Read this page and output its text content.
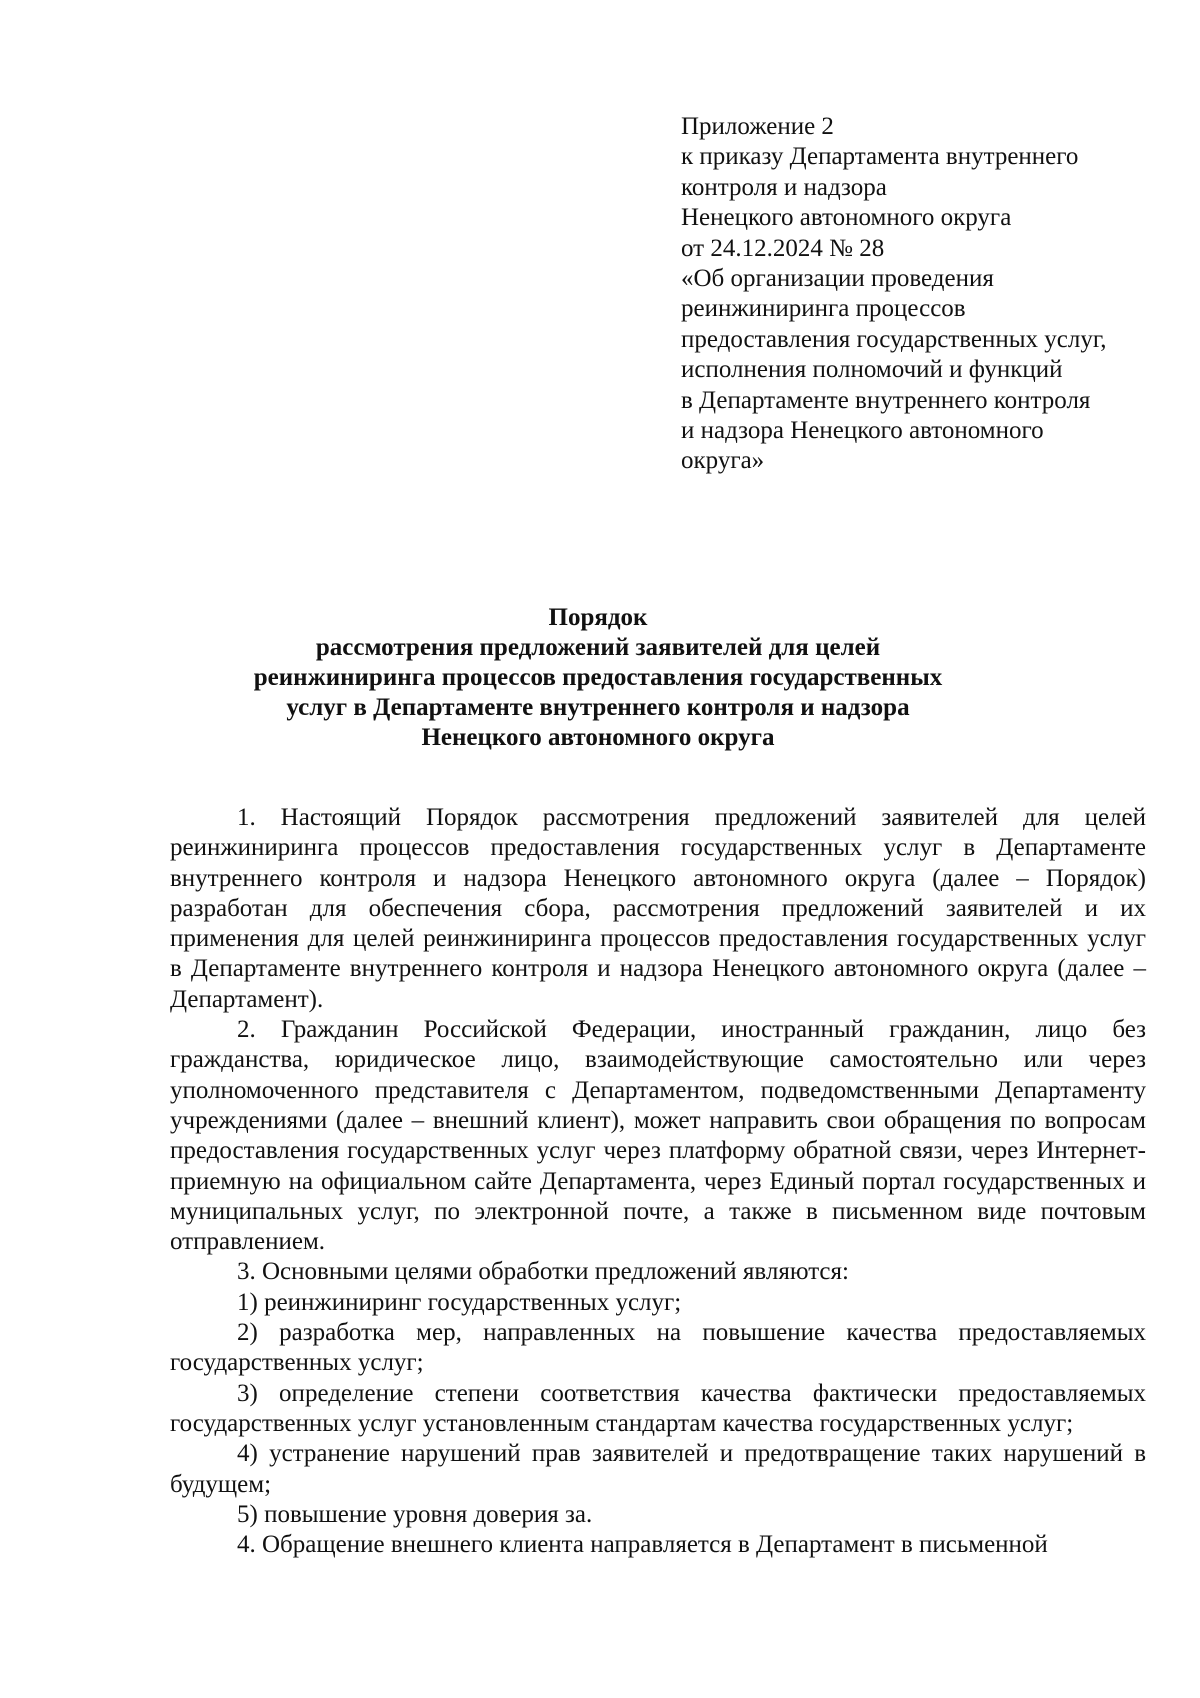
Приложение 2
к приказу Департамента внутреннего
контроля и надзора
Ненецкого автономного округа
от 24.12.2024 № 28
«Об организации проведения
реинжиниринга процессов
предоставления государственных услуг,
исполнения полномочий и функций
в Департаменте внутреннего контроля
и надзора Ненецкого автономного
округа»
Порядок
рассмотрения предложений заявителей для целей
реинжиниринга процессов предоставления государственных
услуг в Департаменте внутреннего контроля и надзора
Ненецкого автономного округа

1. Настоящий Порядок рассмотрения предложений заявителей для целей реинжиниринга процессов предоставления государственных услуг в Департаменте внутреннего контроля и надзора Ненецкого автономного округа (далее – Порядок) разработан для обеспечения сбора, рассмотрения предложений заявителей и их применения для целей реинжиниринга процессов предоставления государственных услуг в Департаменте внутреннего контроля и надзора Ненецкого автономного округа (далее – Департамент).

2. Гражданин Российской Федерации, иностранный гражданин, лицо без гражданства, юридическое лицо, взаимодействующие самостоятельно или через уполномоченного представителя с Департаментом, подведомственными Департаменту учреждениями (далее – внешний клиент), может направить свои обращения по вопросам предоставления государственных услуг через платформу обратной связи, через Интернет-приемную на официальном сайте Департамента, через Единый портал государственных и муниципальных услуг, по электронной почте, а также в письменном виде почтовым отправлением.

3. Основными целями обработки предложений являются:

1) реинжиниринг государственных услуг;

2) разработка мер, направленных на повышение качества предоставляемых государственных услуг;

3) определение степени соответствия качества фактически предоставляемых государственных услуг установленным стандартам качества государственных услуг;

4) устранение нарушений прав заявителей и предотвращение таких нарушений в будущем;

5) повышение уровня доверия за.

4. Обращение внешнего клиента направляется в Департамент в письменной
